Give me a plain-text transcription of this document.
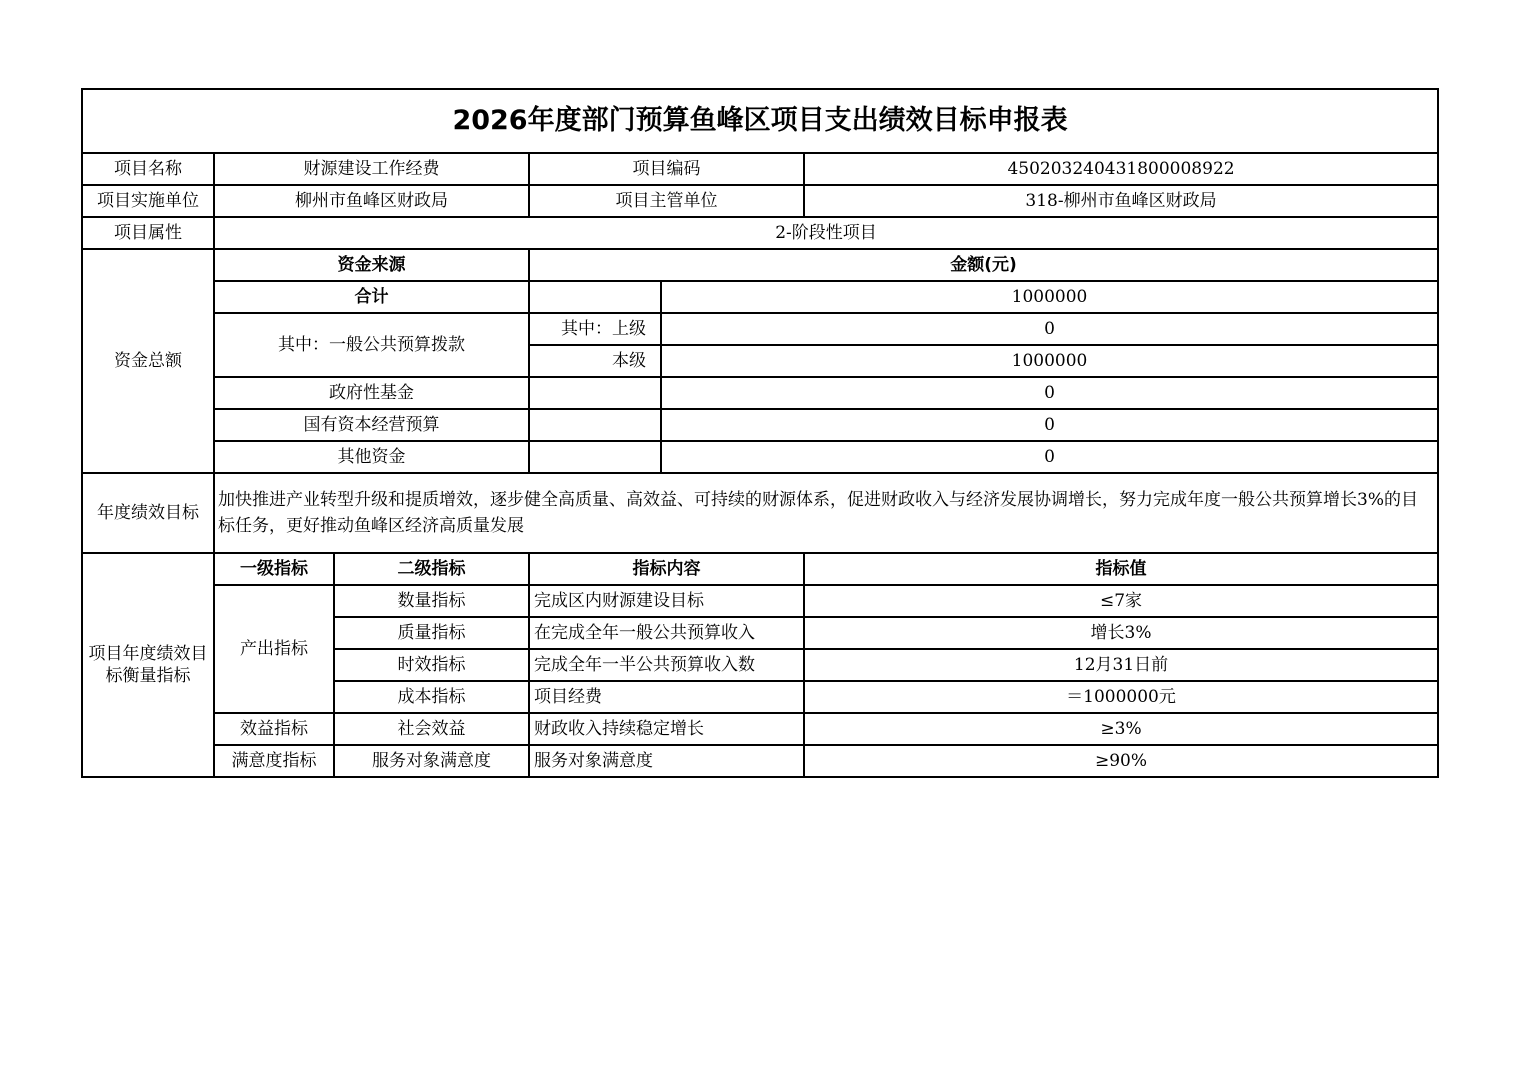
2026年度部门预算鱼峰区项目支出绩效目标申报表					
项目名称	财源建设工作经费		项目编码		450203240431800008922
项目实施单位	柳州市鱼峰区财政局		项目主管单位		318-柳州市鱼峰区财政局
项目属性	2-阶段性项目				
资金总额	资金来源		金额(元)		
	合计			1000000	
	其中：一般公共预算拨款		其中：上级	0	
			本级	1000000	
	政府性基金			0	
	国有资本经营预算			0	
	其他资金			0	
年度绩效目标	加快推进产业转型升级和提质增效，逐步健全高质量、高效益、可持续的财源体系，促进财政收入与经济发展协调增长，努力完成年度一般公共预算增长3%的目标任务，更好推动鱼峰区经济高质量发展				
项目年度绩效目标衡量指标	一级指标	二级指标	指标内容		指标值
	产出指标	数量指标	完成区内财源建设目标		≤7家
		质量指标	在完成全年一般公共预算收入		增长3%
		时效指标	完成全年一半公共预算收入数		12月31日前
		成本指标	项目经费		＝1000000元
	效益指标	社会效益	财政收入持续稳定增长		≥3%
	满意度指标	服务对象满意度	服务对象满意度		≥90%
